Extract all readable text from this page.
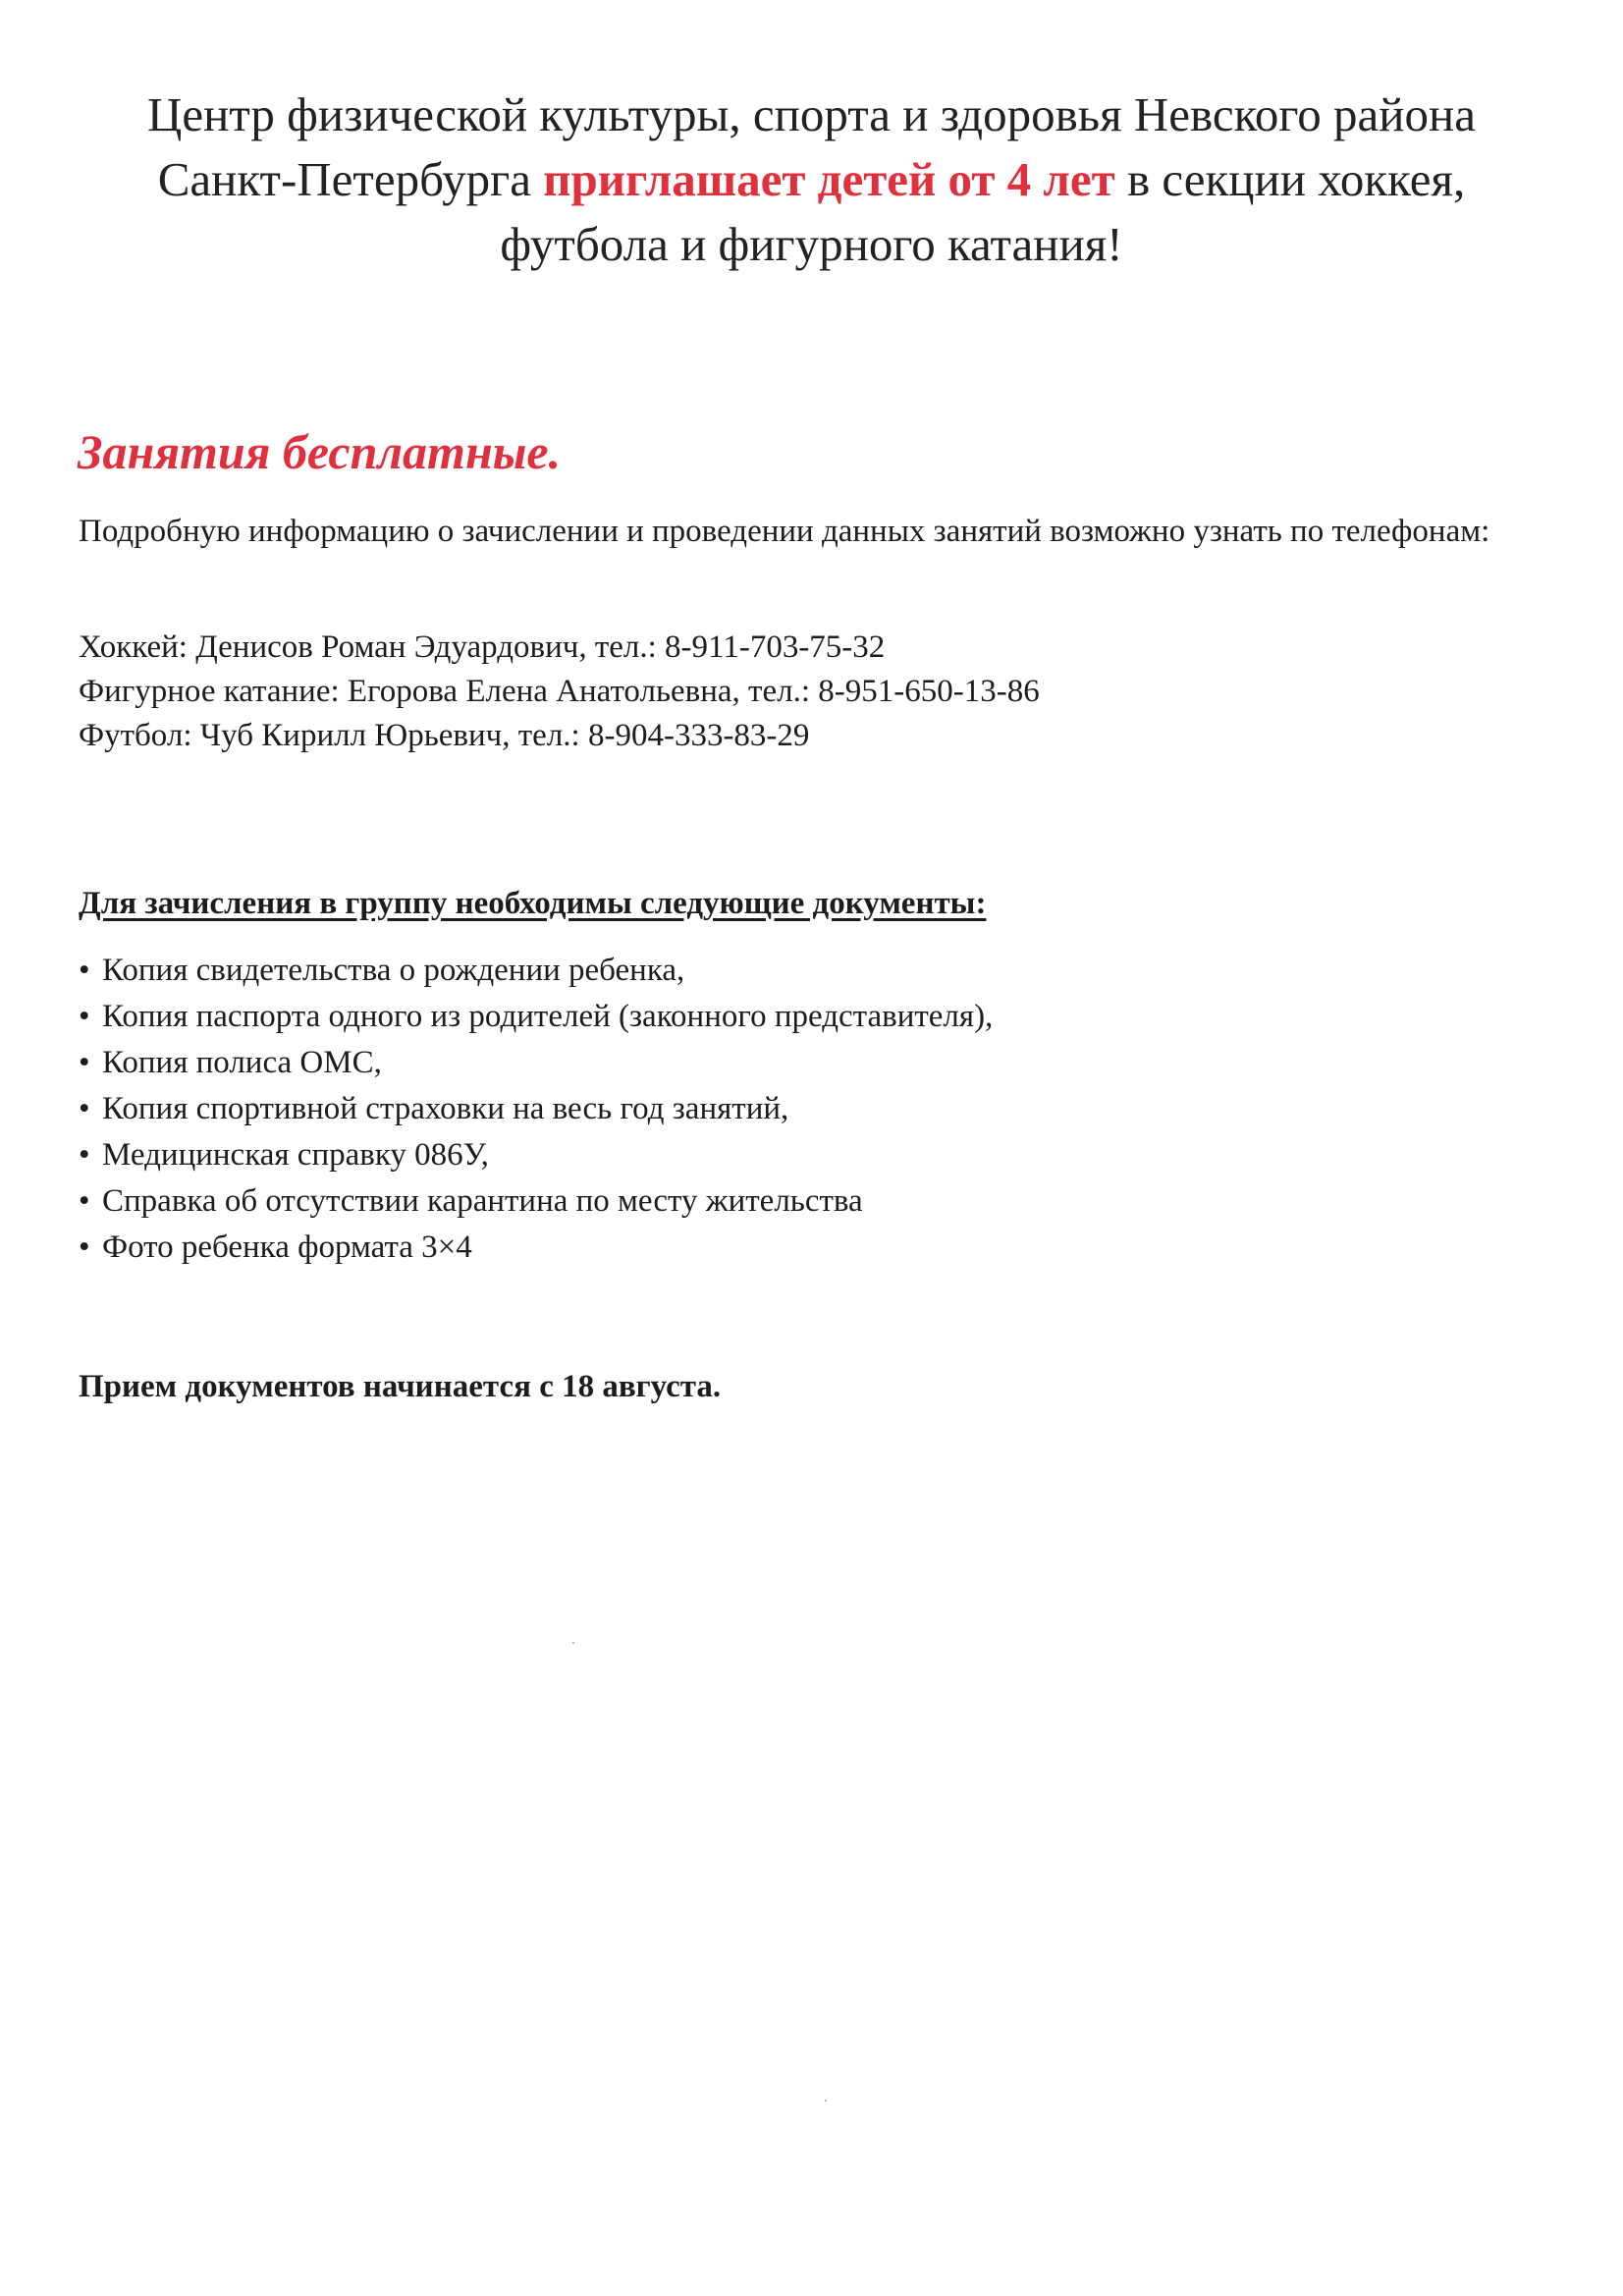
Центр физической культуры, спорта и здоровья Невского района Санкт-Петербурга приглашает детей от 4 лет в секции хоккея, футбола и фигурного катания!
Занятия бесплатные.
Подробную информацию о зачислении и проведении данных занятий возможно узнать по телефонам:
Хоккей: Денисов Роман Эдуардович, тел.: 8-911-703-75-32
Фигурное катание: Егорова Елена Анатольевна, тел.: 8-951-650-13-86
Футбол: Чуб Кирилл Юрьевич, тел.: 8-904-333-83-29
Для зачисления в группу необходимы следующие документы:
• Копия свидетельства о рождении ребенка,
• Копия паспорта одного из родителей (законного представителя),
• Копия полиса ОМС,
• Копия спортивной страховки на весь год занятий,
• Медицинская справку 086У,
• Справка об отсутствии карантина по месту жительства
• Фото ребенка формата 3×4
Прием документов начинается с 18 августа.
